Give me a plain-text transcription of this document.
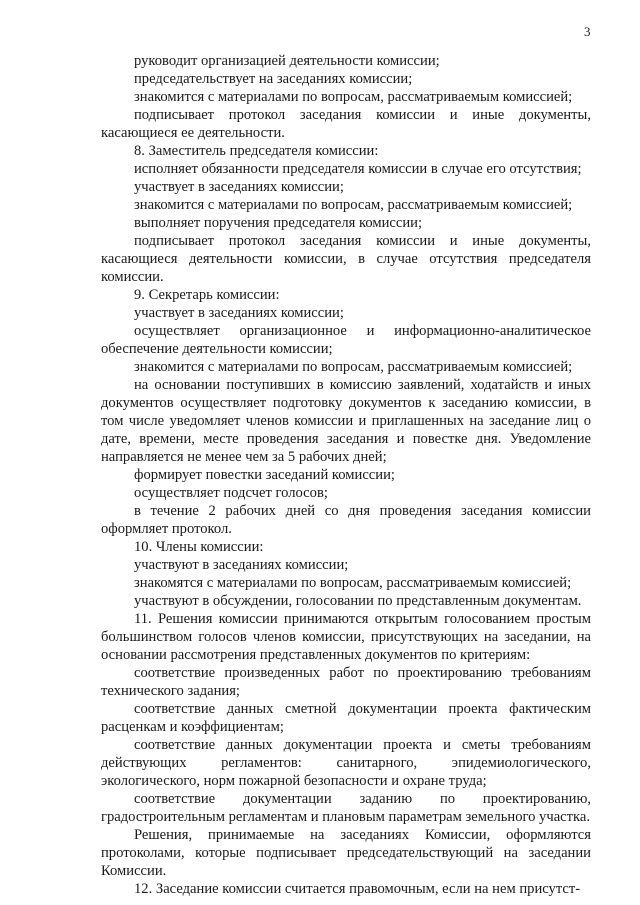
3

руководит организацией деятельности комиссии;

председательствует на заседаниях комиссии;

знакомится с материалами по вопросам, рассматриваемым комиссией;

подписывает протокол заседания комиссии и иные документы, касающиеся ее деятельности.

8. Заместитель председателя комиссии:

исполняет обязанности председателя комиссии в случае его отсутствия;

участвует в заседаниях комиссии;

знакомится с материалами по вопросам, рассматриваемым комиссией;

выполняет поручения председателя комиссии;

подписывает протокол заседания комиссии и иные документы, касающиеся деятельности комиссии, в случае отсутствия председателя комиссии.

9. Секретарь комиссии:

участвует в заседаниях комиссии;

осуществляет организационное и информационно-аналитическое обеспечение деятельности комиссии;

знакомится с материалами по вопросам, рассматриваемым комиссией;

на основании поступивших в комиссию заявлений, ходатайств и иных документов осуществляет подготовку документов к заседанию комиссии, в том числе уведомляет членов комиссии и приглашенных на заседание лиц о дате, времени, месте проведения заседания и повестке дня. Уведомление направляется не менее чем за 5 рабочих дней;

формирует повестки заседаний комиссии;

осуществляет подсчет голосов;

в течение 2 рабочих дней со дня проведения заседания комиссии оформляет протокол.

10. Члены комиссии:

участвуют в заседаниях комиссии;

знакомятся с материалами по вопросам, рассматриваемым комиссией;

участвуют в обсуждении, голосовании по представленным документам.

11. Решения комиссии принимаются открытым голосованием простым большинством голосов членов комиссии, присутствующих на заседании, на основании рассмотрения представленных документов по критериям:

соответствие произведенных работ по проектированию требованиям технического задания;

соответствие данных сметной документации проекта фактическим расценкам и коэффициентам;

соответствие данных документации проекта и сметы требованиям действующих регламентов: санитарного, эпидемиологического, экологического, норм пожарной безопасности и охране труда;

соответствие документации заданию по проектированию, градостроительным регламентам и плановым параметрам земельного участка.

Решения, принимаемые на заседаниях Комиссии, оформляются протоколами, которые подписывает председательствующий на заседании Комиссии.

12. Заседание комиссии считается правомочным, если на нем присутст-
